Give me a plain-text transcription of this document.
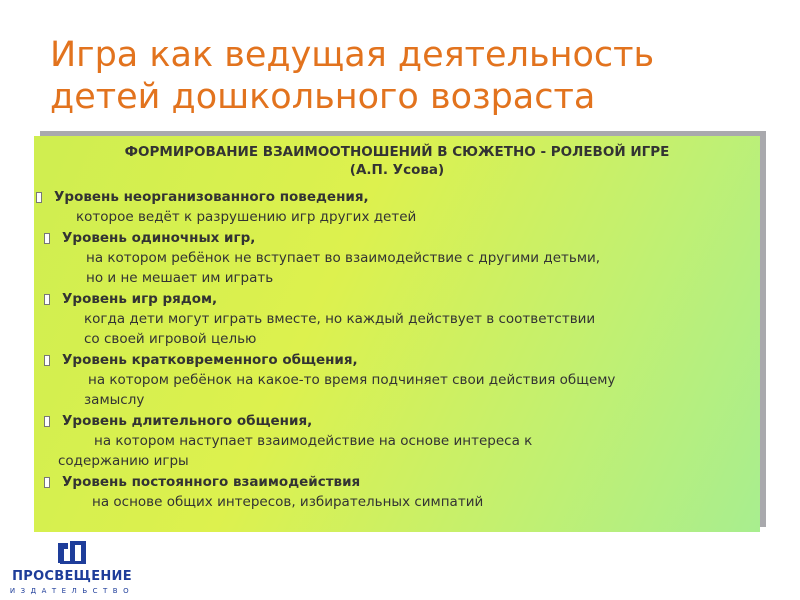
Игра как ведущая деятельность
детей дошкольного возраста
ФОРМИРОВАНИЕ ВЗАИМООТНОШЕНИЙ В СЮЖЕТНО - РОЛЕВОЙ ИГРЕ
(А.П. Усова)
Уровень неорганизованного поведения,
которое ведёт к разрушению игр других детей
Уровень одиночных игр,
на котором ребёнок не вступает во взаимодействие с другими детьми,
но и не мешает им играть
Уровень игр рядом,
когда дети могут играть вместе, но каждый действует в соответствии
со своей игровой целью
Уровень кратковременного общения,
на котором ребёнок на какое-то время подчиняет свои действия общему
замыслу
Уровень длительного общения,
на котором наступает взаимодействие на основе интереса к
содержанию игры
Уровень постоянного взаимодействия
на основе общих интересов, избирательных симпатий
ПРОСВЕЩЕНИЕ
ИЗДАТЕЛЬСТВО
